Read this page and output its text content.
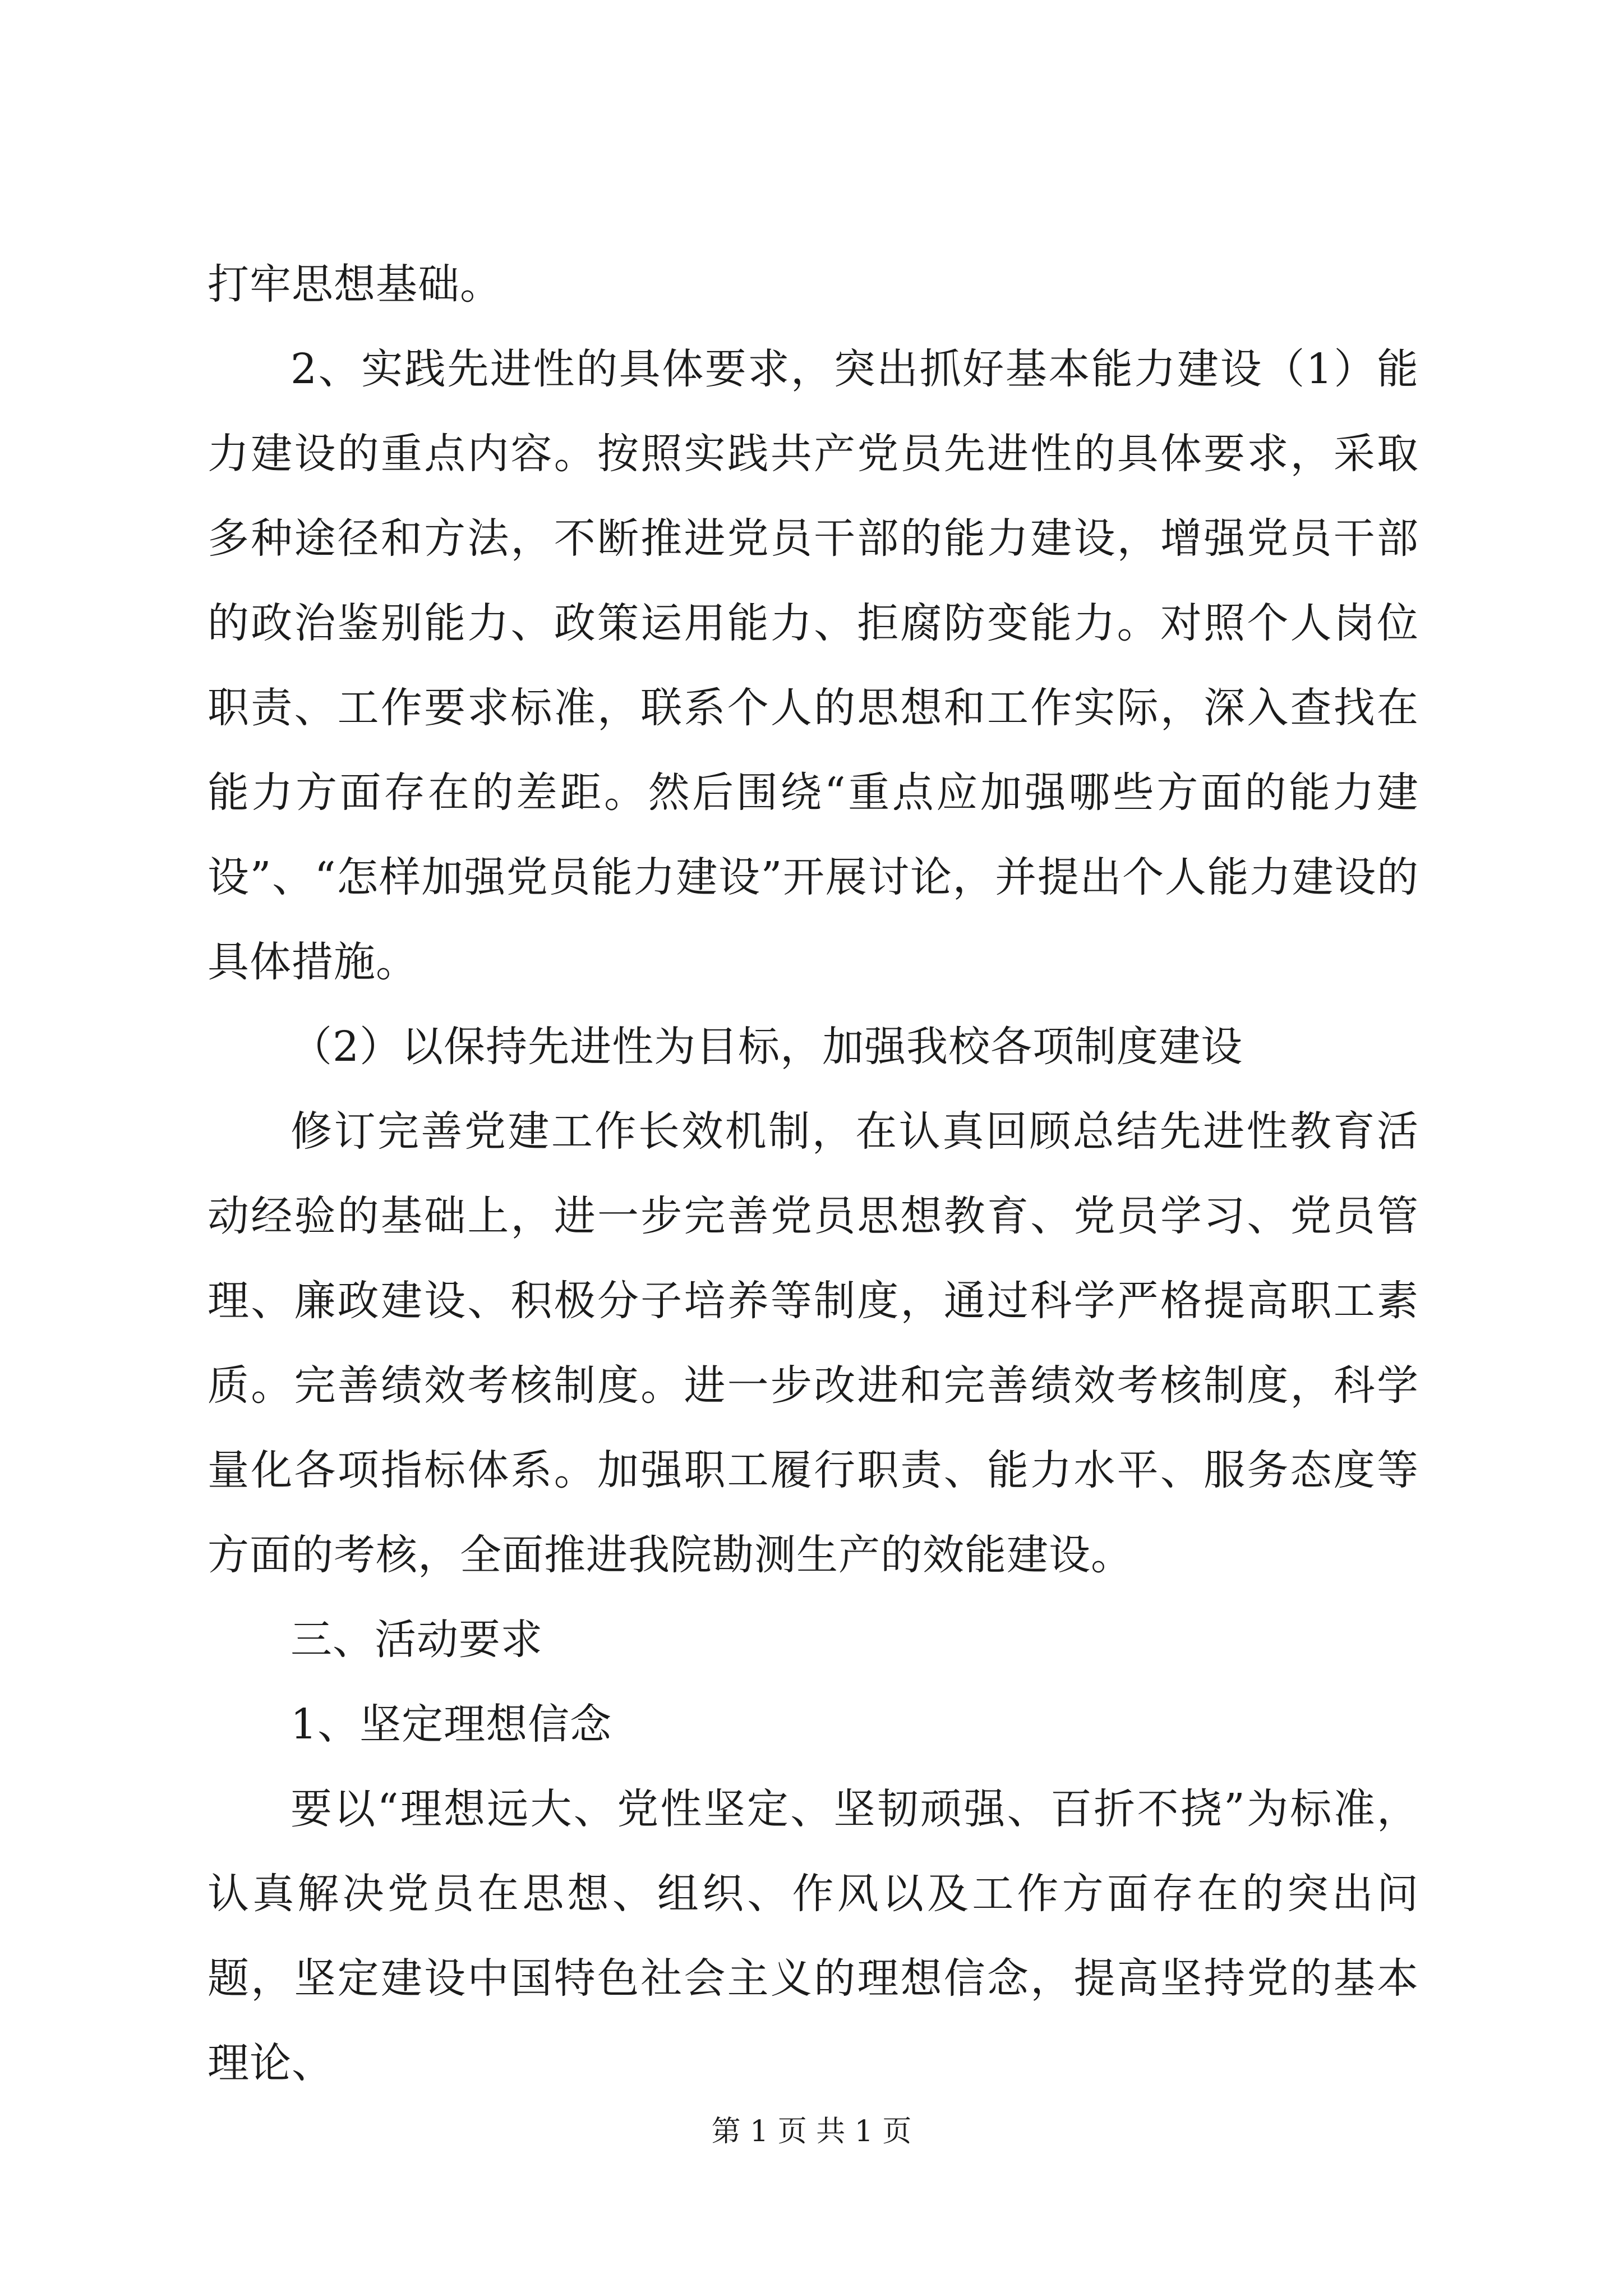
打牢思想基础。

2、实践先进性的具体要求，突出抓好基本能力建设（1）能力建设的重点内容。按照实践共产党员先进性的具体要求，采取多种途径和方法，不断推进党员干部的能力建设，增强党员干部的政治鉴别能力、政策运用能力、拒腐防变能力。对照个人岗位职责、工作要求标准，联系个人的思想和工作实际，深入查找在能力方面存在的差距。然后围绕“重点应加强哪些方面的能力建设”、“怎样加强党员能力建设”开展讨论，并提出个人能力建设的具体措施。

（2）以保持先进性为目标，加强我校各项制度建设

修订完善党建工作长效机制，在认真回顾总结先进性教育活动经验的基础上，进一步完善党员思想教育、党员学习、党员管理、廉政建设、积极分子培养等制度，通过科学严格提高职工素质。完善绩效考核制度。进一步改进和完善绩效考核制度，科学量化各项指标体系。加强职工履行职责、能力水平、服务态度等方面的考核，全面推进我院勘测生产的效能建设。

三、活动要求

1、坚定理想信念

要以“理想远大、党性坚定、坚韧顽强、百折不挠”为标准，认真解决党员在思想、组织、作风以及工作方面存在的突出问题，坚定建设中国特色社会主义的理想信念，提高坚持党的基本理论、

第 1 页 共 1 页
